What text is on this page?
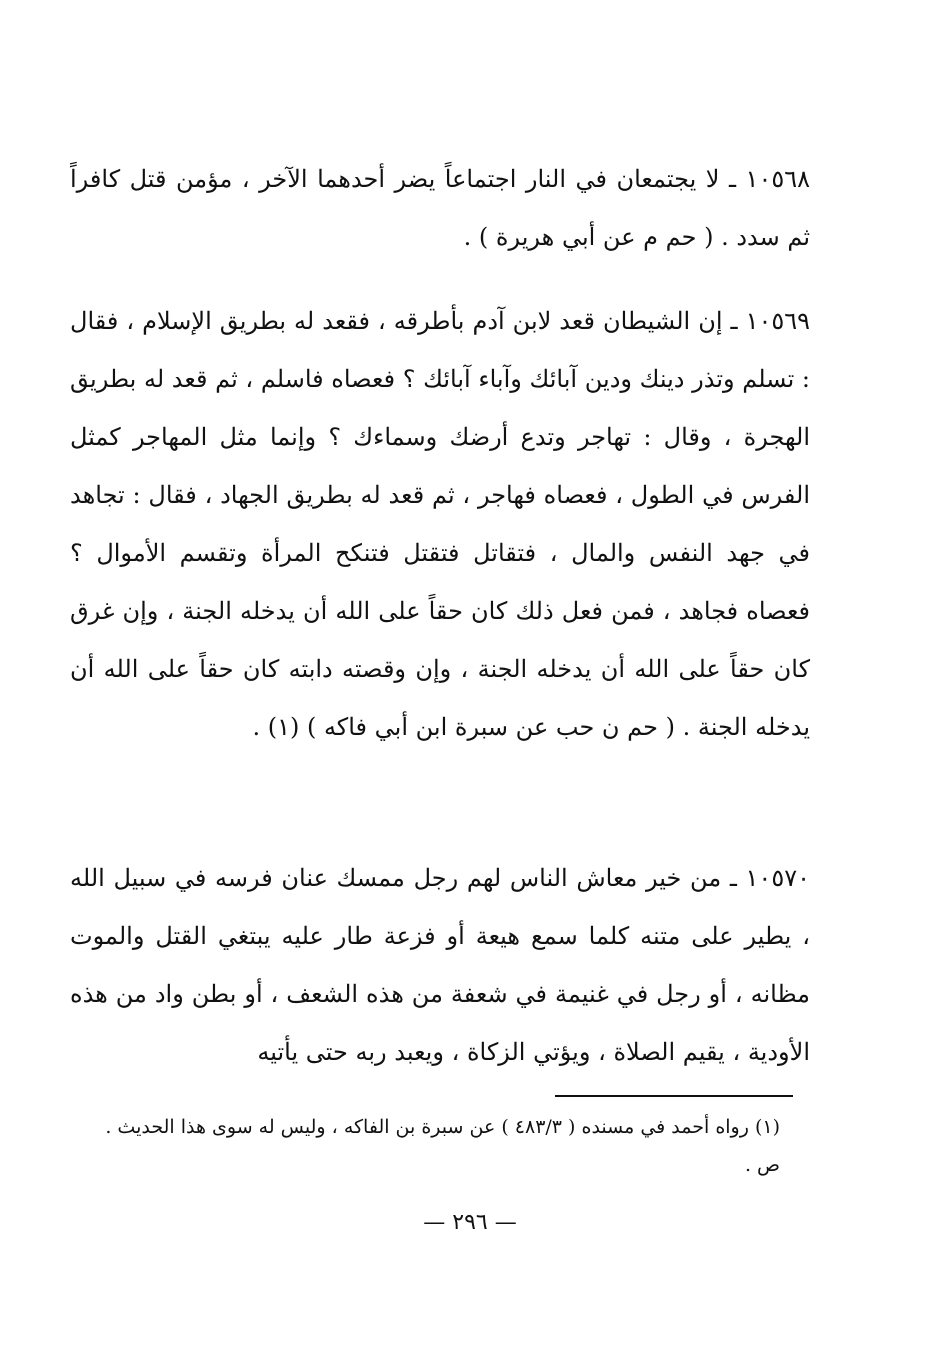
١٠٥٦٨ ـ لا يجتمعان في النار اجتماعاً يضر أحدهما الآخر ، مؤمن قتل كافراً ثم سدد . ( حم م عن أبي هريرة ) .

١٠٥٦٩ ـ إن الشيطان قعد لابن آدم بأطرقه ، فقعد له بطريق الإسلام ، فقال : تسلم وتذر دينك ودين آبائك وآباء آبائك ؟ فعصاه فاسلم ، ثم قعد له بطريق الهجرة ، وقال : تهاجر وتدع أرضك وسماءك ؟ وإنما مثل المهاجر كمثل الفرس في الطول ، فعصاه فهاجر ، ثم قعد له بطريق الجهاد ، فقال : تجاهد في جهد النفس والمال ، فتقاتل فتقتل فتنكح المرأة وتقسم الأموال ؟ فعصاه فجاهد ، فمن فعل ذلك كان حقاً على الله أن يدخله الجنة ، وإن غرق كان حقاً على الله أن يدخله الجنة ، وإن وقصته دابته كان حقاً على الله أن يدخله الجنة . ( حم ن حب عن سبرة ابن أبي فاكه ) (١) .

١٠٥٧٠ ـ من خير معاش الناس لهم رجل ممسك عنان فرسه في سبيل الله ، يطير على متنه كلما سمع هيعة أو فزعة طار عليه يبتغي القتل والموت مظانه ، أو رجل في غنيمة في شعفة من هذه الشعف ، أو بطن واد من هذه الأودية ، يقيم الصلاة ، ويؤتي الزكاة ، ويعبد ربه حتى يأتيه

(١) رواه أحمد في مسنده ( ٤٨٣/٣ ) عن سبرة بن الفاكه ، وليس له سوى هذا الحديث . ص .

— ٢٩٦ —
